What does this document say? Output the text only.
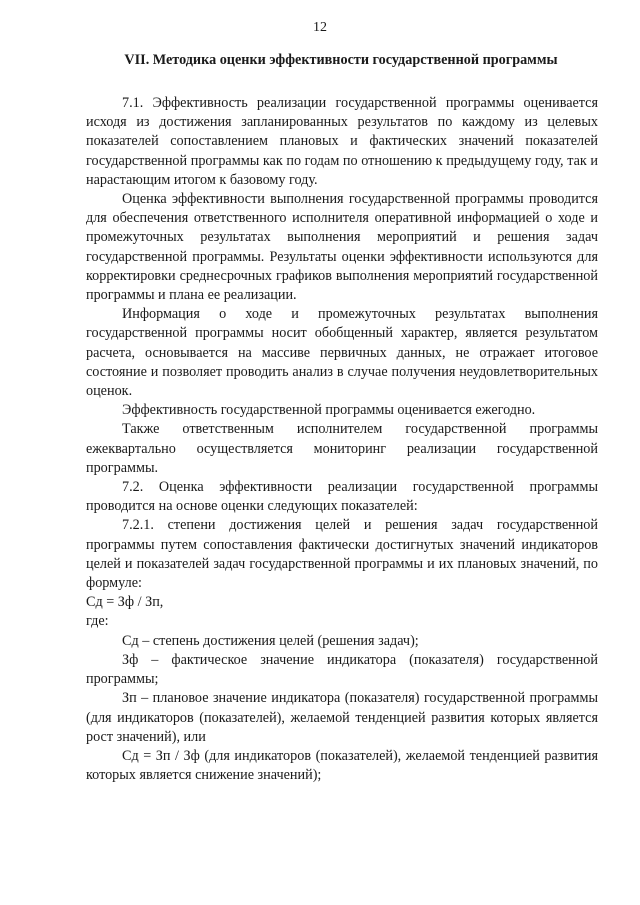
12
VII. Методика оценки эффективности государственной программы

7.1. Эффективность реализации государственной программы оценивается исходя из достижения запланированных результатов по каждому из целевых показателей сопоставлением плановых и фактических значений показателей государственной программы как по годам по отношению к предыдущему году, так и нарастающим итогом к базовому году.

Оценка эффективности выполнения государственной программы проводится для обеспечения ответственного исполнителя оперативной информацией о ходе и промежуточных результатах выполнения мероприятий и решения задач государственной программы. Результаты оценки эффективности используются для корректировки среднесрочных графиков выполнения мероприятий государственной программы и плана ее реализации.

Информация о ходе и промежуточных результатах выполнения государственной программы носит обобщенный характер, является результатом расчета, основывается на массиве первичных данных, не отражает итоговое состояние и позволяет проводить анализ в случае получения неудовлетворительных оценок.

Эффективность государственной программы оценивается ежегодно.

Также ответственным исполнителем государственной программы ежеквартально осуществляется мониторинг реализации государственной программы.

7.2. Оценка эффективности реализации государственной программы проводится на основе оценки следующих показателей:

7.2.1. степени достижения целей и решения задач государственной программы путем сопоставления фактически достигнутых значений индикаторов целей и показателей задач государственной программы и их плановых значений, по формуле:

Сд = Зф / Зп,

где:

Сд – степень достижения целей (решения задач);

Зф – фактическое значение индикатора (показателя) государственной программы;

Зп – плановое значение индикатора (показателя) государственной программы (для индикаторов (показателей), желаемой тенденцией развития которых является рост значений), или

Сд = Зп / Зф (для индикаторов (показателей), желаемой тенденцией развития которых является снижение значений);
